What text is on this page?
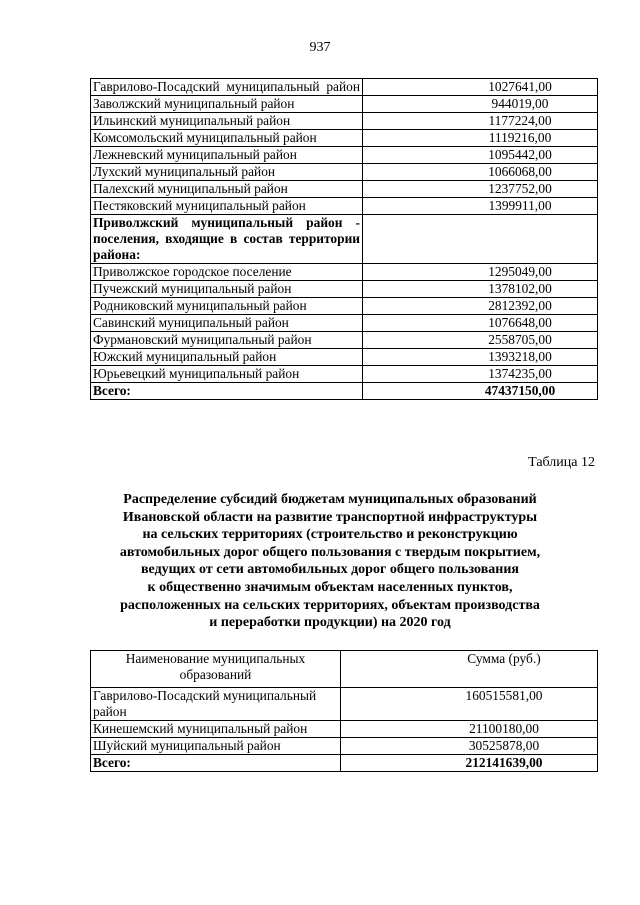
937
Гаврилово-Посадский муниципальный район	1027641,00
Заволжский муниципальный район	944019,00
Ильинский муниципальный район	1177224,00
Комсомольский муниципальный район	1119216,00
Лежневский муниципальный район	1095442,00
Лухский муниципальный район	1066068,00
Палехский муниципальный район	1237752,00
Пестяковский муниципальный район	1399911,00
Приволжский муниципальный район - поселения, входящие в состав территории района:	
Приволжское городское поселение	1295049,00
Пучежский муниципальный район	1378102,00
Родниковский муниципальный район	2812392,00
Савинский муниципальный район	1076648,00
Фурмановский муниципальный район	2558705,00
Южский муниципальный район	1393218,00
Юрьевецкий муниципальный район	1374235,00
Всего:	47437150,00
Таблица 12
Распределение субсидий бюджетам муниципальных образований
Ивановской области на развитие транспортной инфраструктуры
на сельских территориях (строительство и реконструкцию
автомобильных дорог общего пользования с твердым покрытием,
ведущих от сети автомобильных дорог общего пользования
к общественно значимым объектам населенных пунктов,
расположенных на сельских территориях, объектам производства
и переработки продукции) на 2020 год
Наименование муниципальных образований	Сумма (руб.)
Гаврилово-Посадский муниципальный район	160515581,00
Кинешемский муниципальный район	21100180,00
Шуйский муниципальный район	30525878,00
Всего:	212141639,00
